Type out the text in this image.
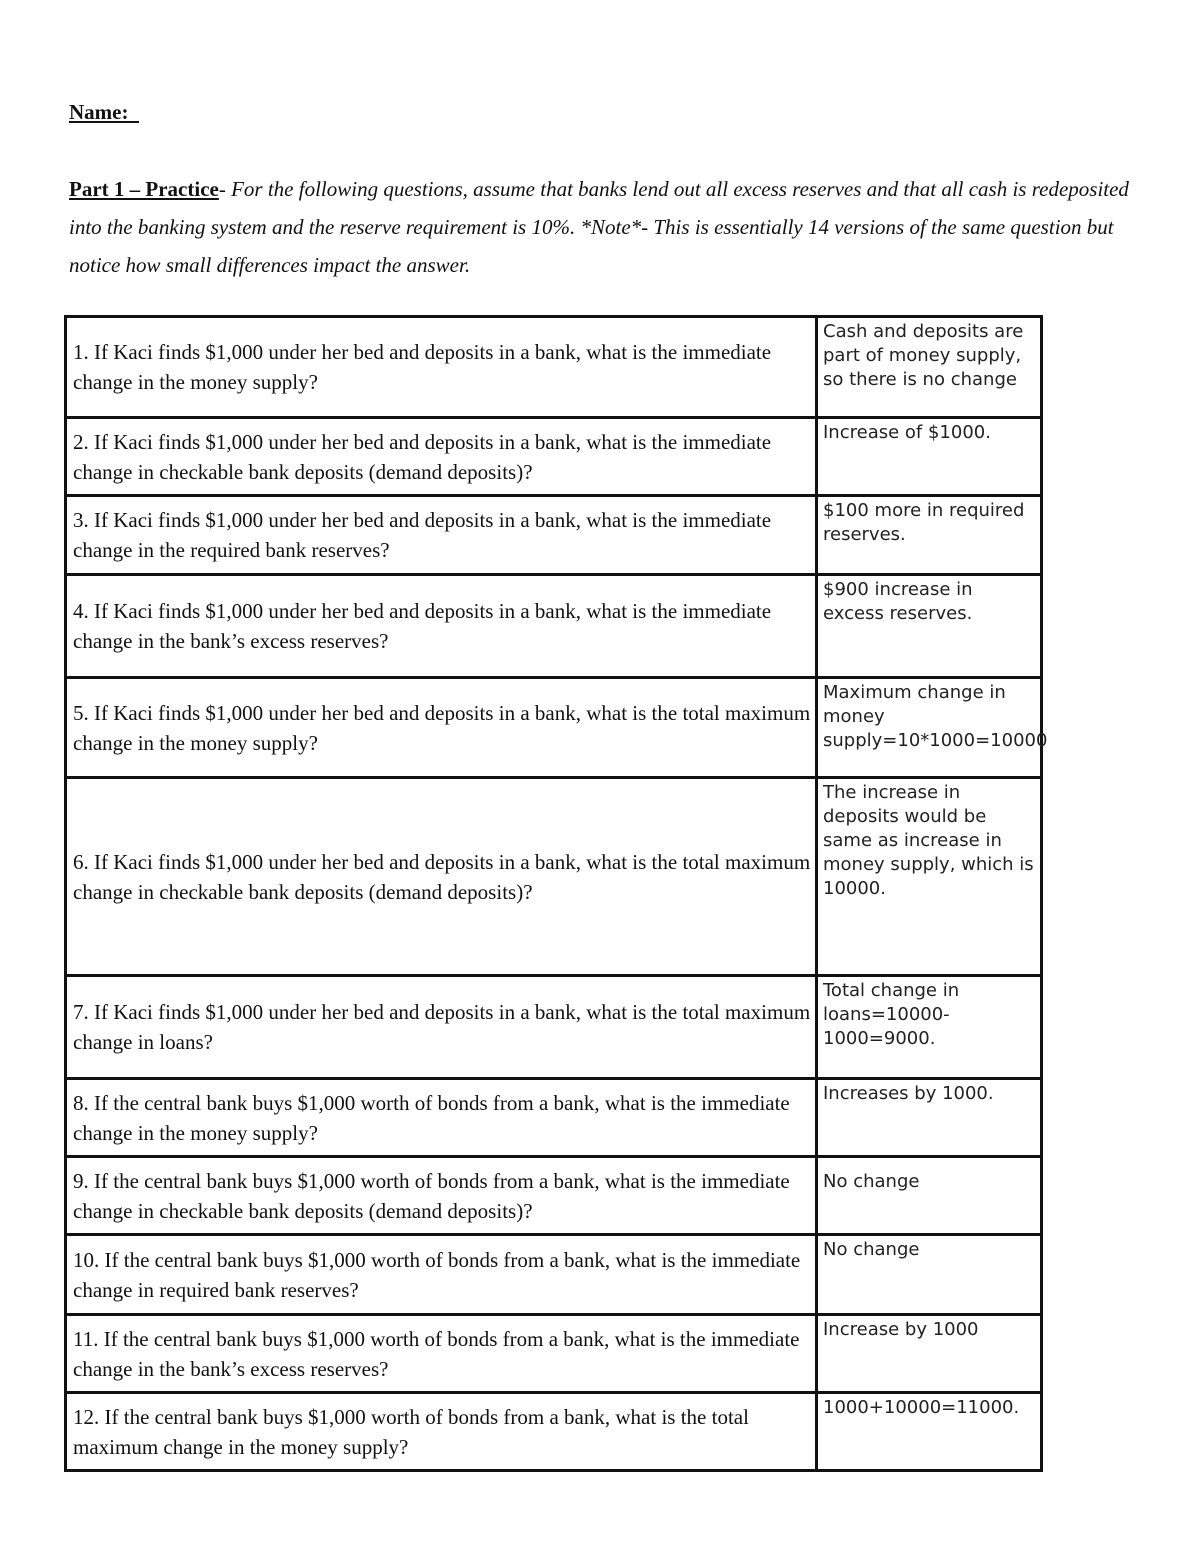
Name:

Part 1 – Practice- For the following questions, assume that banks lend out all excess reserves and that all cash is redeposited into the banking system and the reserve requirement is 10%. *Note*- This is essentially 14 versions of the same question but notice how small differences impact the answer.

1. If Kaci finds $1,000 under her bed and deposits in a bank, what is the immediate change in the money supply?	Cash and deposits are part of money supply, so there is no change
2. If Kaci finds $1,000 under her bed and deposits in a bank, what is the immediate change in checkable bank deposits (demand deposits)?	Increase of $1000.
3. If Kaci finds $1,000 under her bed and deposits in a bank, what is the immediate change in the required bank reserves?	$100 more in required reserves.
4. If Kaci finds $1,000 under her bed and deposits in a bank, what is the immediate change in the bank’s excess reserves?	$900 increase in excess reserves.
5. If Kaci finds $1,000 under her bed and deposits in a bank, what is the total maximum change in the money supply?	Maximum change in money supply=10*1000=10000
6. If Kaci finds $1,000 under her bed and deposits in a bank, what is the total maximum change in checkable bank deposits (demand deposits)?	The increase in deposits would be same as increase in money supply, which is 10000.
7. If Kaci finds $1,000 under her bed and deposits in a bank, what is the total maximum change in loans?	Total change in loans=10000-1000=9000.
8. If the central bank buys $1,000 worth of bonds from a bank, what is the immediate change in the money supply?	Increases by 1000.
9. If the central bank buys $1,000 worth of bonds from a bank, what is the immediate change in checkable bank deposits (demand deposits)?	No change
10. If the central bank buys $1,000 worth of bonds from a bank, what is the immediate change in required bank reserves?	No change
11. If the central bank buys $1,000 worth of bonds from a bank, what is the immediate change in the bank’s excess reserves?	Increase by 1000
12. If the central bank buys $1,000 worth of bonds from a bank, what is the total maximum change in the money supply?	1000+10000=11000.
